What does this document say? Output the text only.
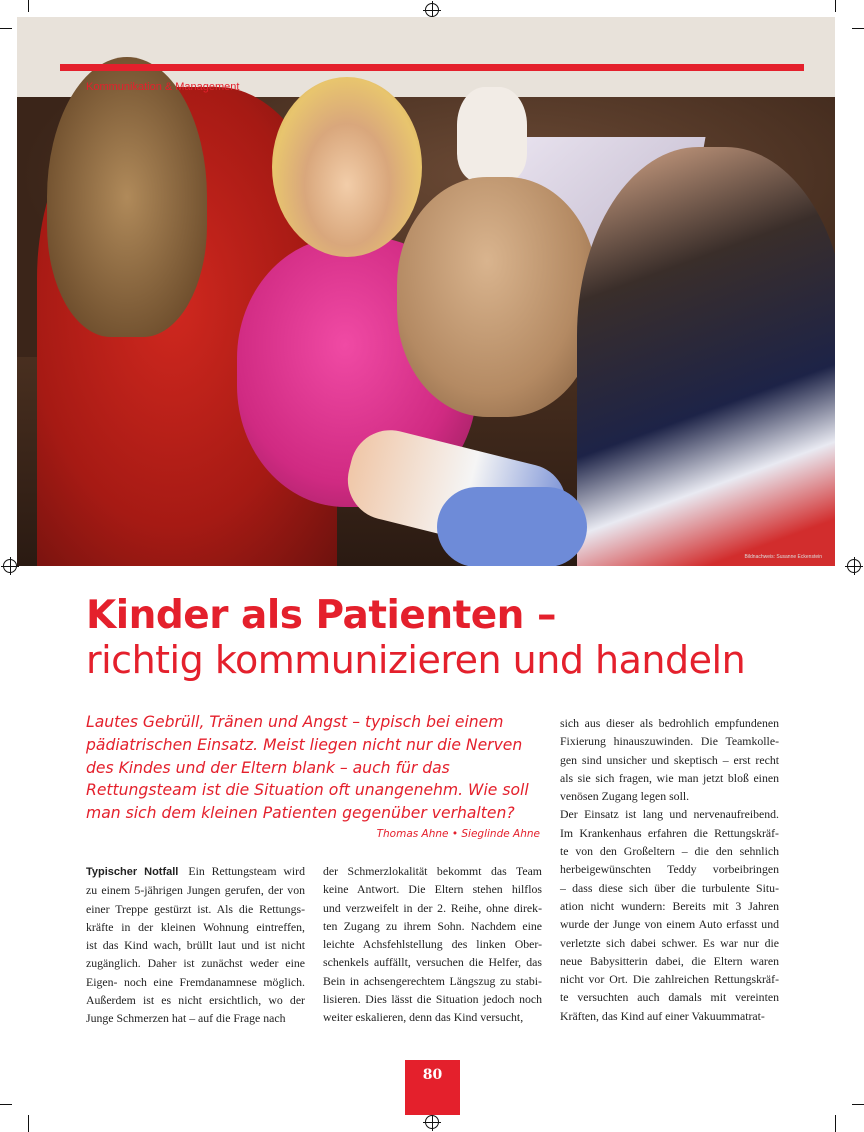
Kommunikation & Management
Bildnachweis: Susanne Eckenstein
Kinder als Patienten –
richtig kommunizieren und handeln
Lautes Gebrüll, Tränen und Angst – typisch bei einem pädiatrischen Einsatz. Meist liegen nicht nur die Nerven des Kindes und der Eltern blank – auch für das Rettungsteam ist die Situation oft unangenehm. Wie soll man sich dem kleinen Patienten gegenüber verhalten?
Thomas Ahne • Sieglinde Ahne
Typischer Notfall Ein Rettungsteam wird
zu einem 5-jährigen Jungen gerufen, der von
einer Treppe gestürzt ist. Als die Rettungs-
kräfte in der kleinen Wohnung eintreffen,
ist das Kind wach, brüllt laut und ist nicht
zugänglich. Daher ist zunächst weder eine
Eigen- noch eine Fremdanamnese möglich.
Außerdem ist es nicht ersichtlich, wo der
Junge Schmerzen hat – auf die Frage nach
der Schmerzlokalität bekommt das Team
keine Antwort. Die Eltern stehen hilflos
und verzweifelt in der 2. Reihe, ohne direk-
ten Zugang zu ihrem Sohn. Nachdem eine
leichte Achsfehlstellung des linken Ober-
schenkels auffällt, versuchen die Helfer, das
Bein in achsengerechtem Längszug zu stabi-
lisieren. Dies lässt die Situation jedoch noch
weiter eskalieren, denn das Kind versucht,
sich aus dieser als bedrohlich empfundenen
Fixierung hinauszuwinden. Die Teamkolle-
gen sind unsicher und skeptisch – erst recht
als sie sich fragen, wie man jetzt bloß einen
venösen Zugang legen soll.
Der Einsatz ist lang und nervenaufreibend.
Im Krankenhaus erfahren die Rettungskräf-
te von den Großeltern – die den sehnlich
herbeigewünschten Teddy vorbeibringen
– dass diese sich über die turbulente Situ-
ation nicht wundern: Bereits mit 3 Jahren
wurde der Junge von einem Auto erfasst und
verletzte sich dabei schwer. Es war nur die
neue Babysitterin dabei, die Eltern waren
nicht vor Ort. Die zahlreichen Rettungskräf-
te versuchten auch damals mit vereinten
Kräften, das Kind auf einer Vakuummatrat-
80
